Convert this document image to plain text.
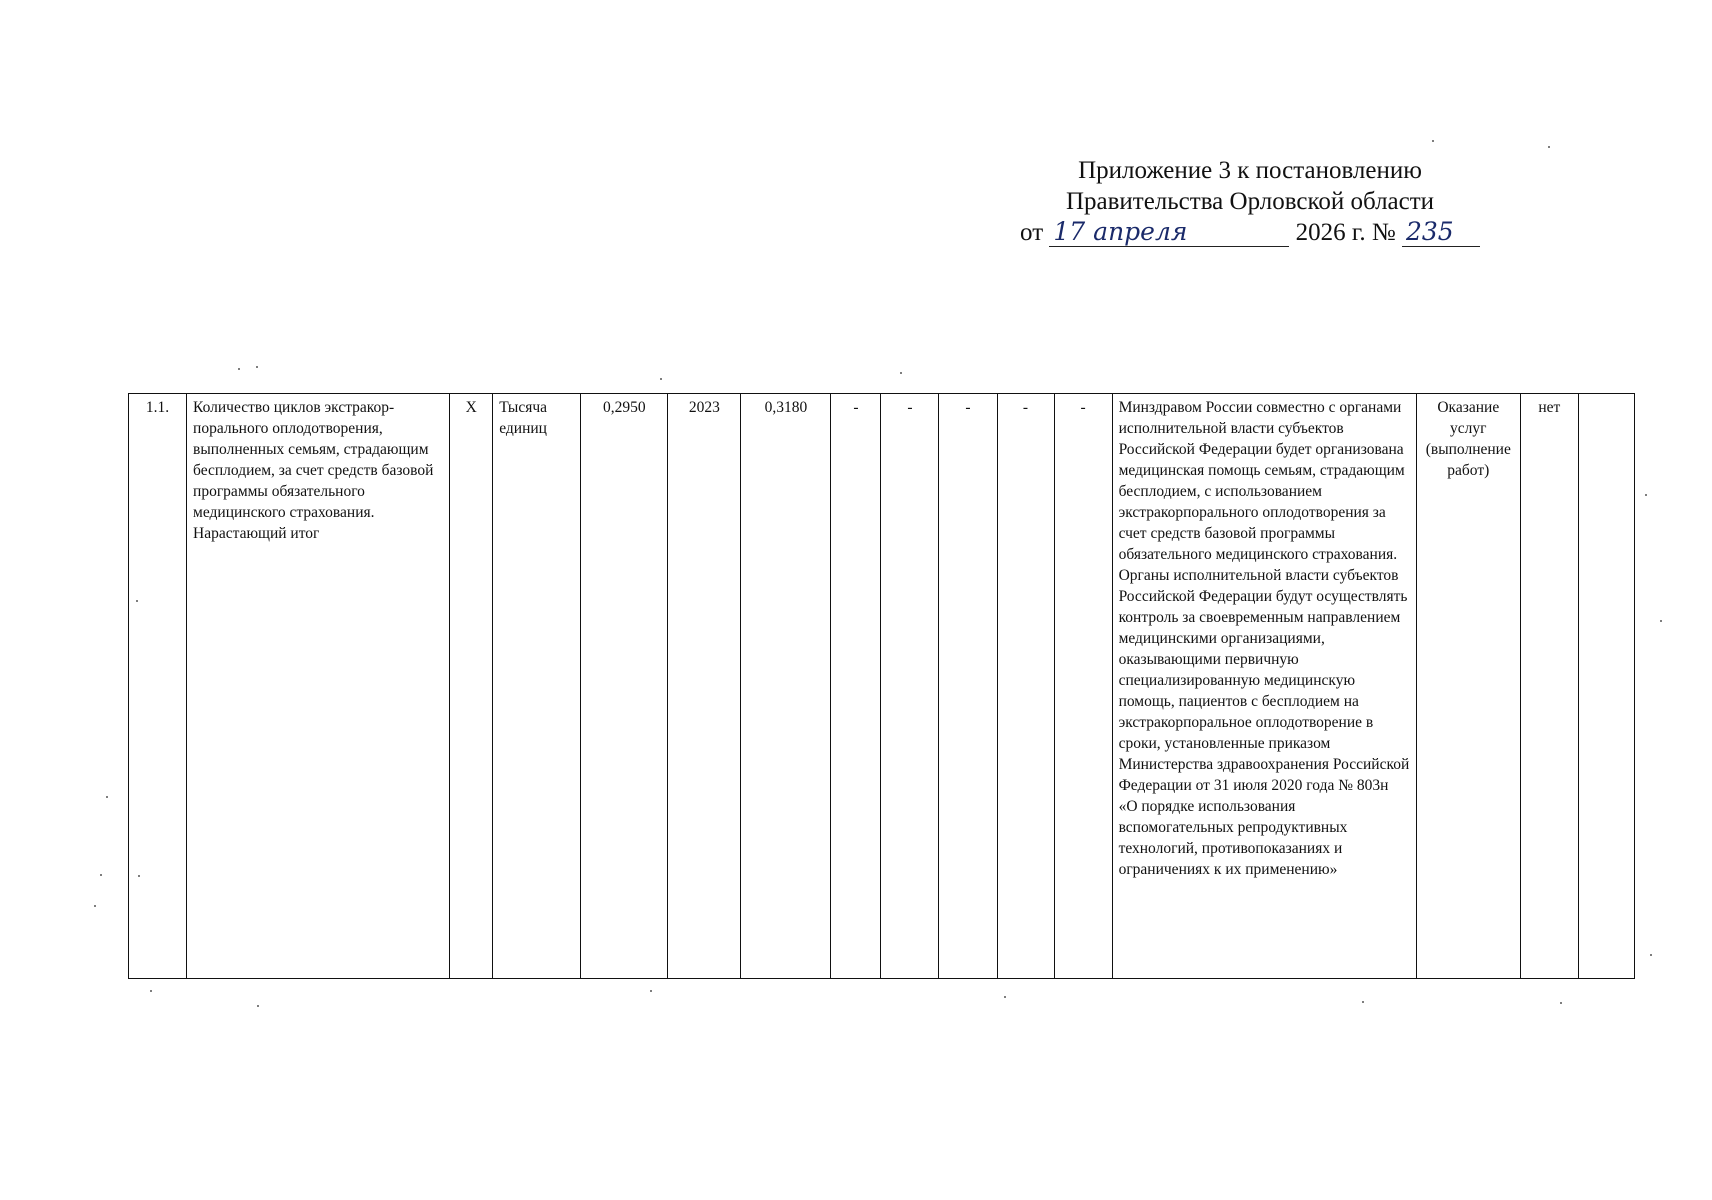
Приложение 3 к постановлению
Правительства Орловской области
от 17 апреля	2026 г. № 235
1.1.	Количество циклов экстракор-порального оплодотворения, выполненных семьям, страдающим бесплодием, за счет средств базовой программы обязательного медицинского страхования. Нарастающий итог	X	Тысяча единиц	0,2950	2023	0,3180	-	-	-	-	-	Минздравом России совместно с органами исполнительной власти субъектов Российской Федерации будет организована медицинская помощь семьям, страдающим бесплодием, с использованием экстракорпорального оплодотворения за счет средств базовой программы обязательного медицинского страхования. Органы исполнительной власти субъектов Российской Федерации будут осуществлять контроль за своевременным направлением медицинскими организациями, оказывающими первичную специализированную медицинскую помощь, пациентов с бесплодием на экстракорпоральное оплодотворение в сроки, установленные приказом Министерства здравоохранения Российской Федерации от 31 июля 2020 года № 803н «О порядке использования вспомогательных репродуктивных технологий, противопоказаниях и ограничениях к их применению»	Оказание услуг (выполнение работ)	нет	
